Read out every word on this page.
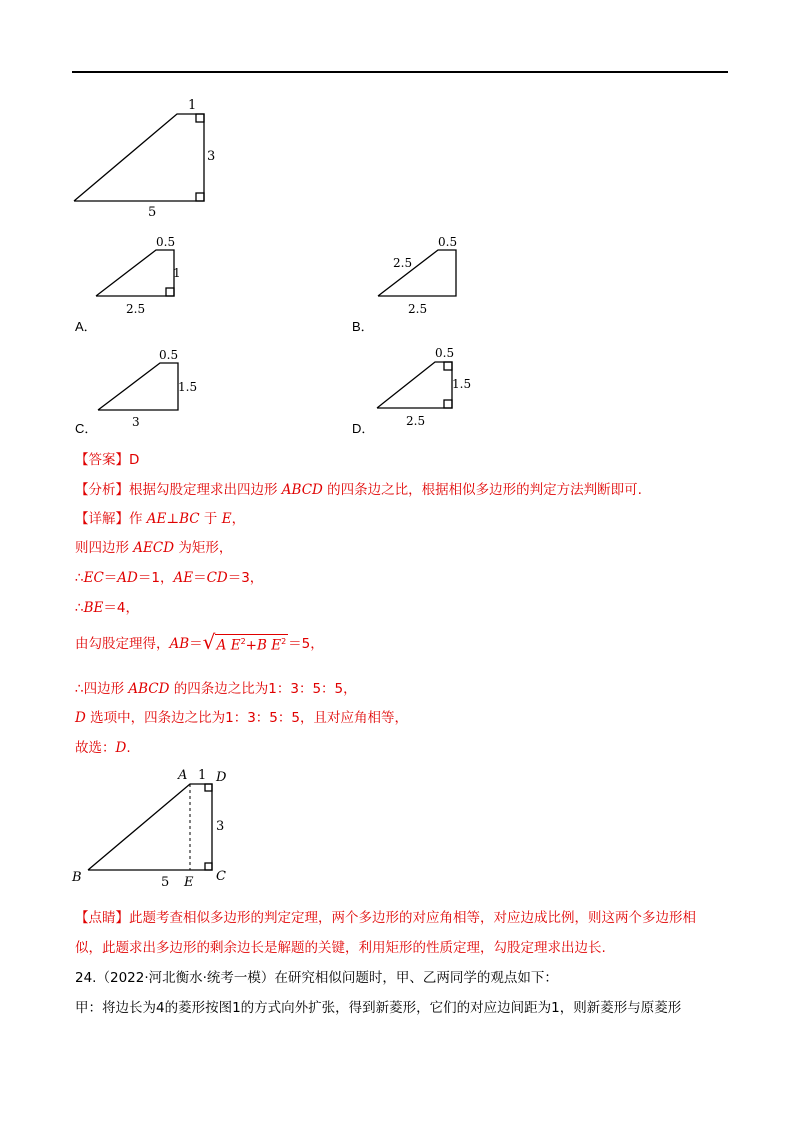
1
3
5
0.5
1
2.5
0.5
2.5
2.5
0.5
1.5
3
0.5
1.5
2.5
A 1 D
3
B	5 E C
A．	B．
C．	D．
【答案】D
【分析】根据勾股定理求出四边形 ABCD 的四条边之比，根据相似多边形的判定方法判断即可.
【详解】作 AE⊥BC 于 E，
则四边形 AECD 为矩形，
∴EC＝AD＝1，AE＝CD＝3，
∴BE＝4，
由勾股定理得，AB＝ √ A $E^2+B$ $E^2 =5$，
∴四边形 ABCD 的四条边之比为1：3：5：5，
D 选项中，四条边之比为1：3：5：5，且对应角相等，
故选：D.
【点睛】此题考查相似多边形的判定定理，两个多边形的对应角相等，对应边成比例，则这两个多边形相
似，此题求出多边形的剩余边长是解题的关键，利用矩形的性质定理，勾股定理求出边长.
24.（2022·河北衡水·统考一模）在研究相似问题时，甲、乙两同学的观点如下：
甲：将边长为4的菱形按图1的方式向外扩张，得到新菱形，它们的对应边间距为1，则新菱形与原菱形
